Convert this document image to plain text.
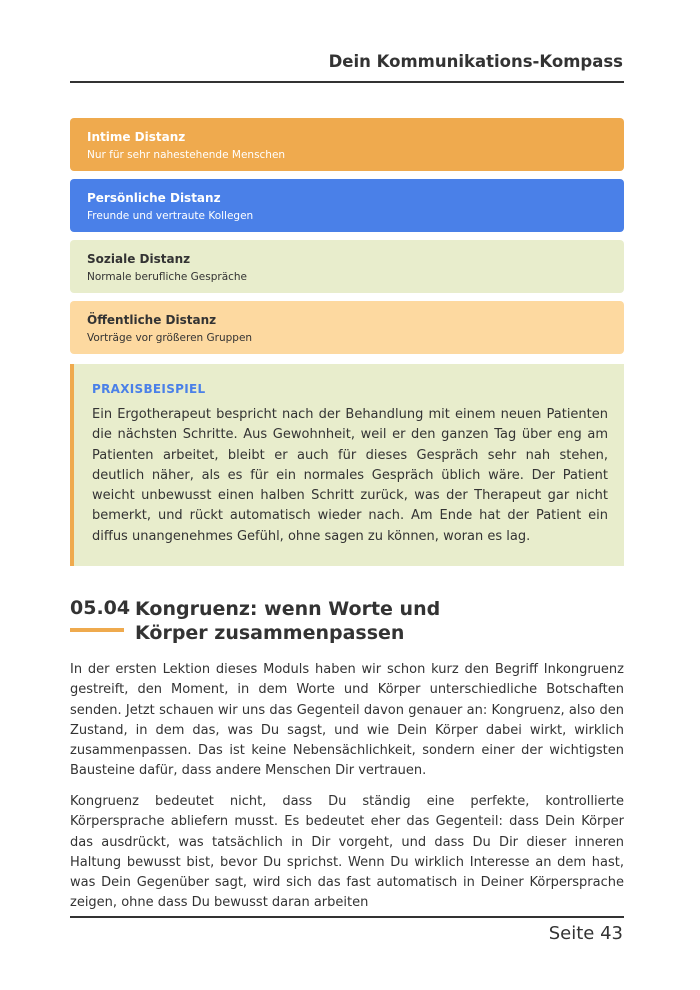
Dein Kommunikations-Kompass
Intime Distanz
Nur für sehr nahestehende Menschen
Persönliche Distanz
Freunde und vertraute Kollegen
Soziale Distanz
Normale berufliche Gespräche
Öffentliche Distanz
Vorträge vor größeren Gruppen
PRAXISBEISPIEL
Ein Ergotherapeut bespricht nach der Behandlung mit einem neuen Patienten die nächsten Schritte. Aus Gewohnheit, weil er den ganzen Tag über eng am Patienten arbeitet, bleibt er auch für dieses Gespräch sehr nah stehen, deutlich näher, als es für ein normales Gespräch üblich wäre. Der Patient weicht unbewusst einen halben Schritt zurück, was der Therapeut gar nicht bemerkt, und rückt automatisch wieder nach. Am Ende hat der Patient ein diffus unangenehmes Gefühl, ohne sagen zu können, woran es lag.
05.04 Kongruenz: wenn Worte und Körper zusammenpassen
In der ersten Lektion dieses Moduls haben wir schon kurz den Begriff Inkongruenz gestreift, den Moment, in dem Worte und Körper unterschiedliche Botschaften senden. Jetzt schauen wir uns das Gegenteil davon genauer an: Kongruenz, also den Zustand, in dem das, was Du sagst, und wie Dein Körper dabei wirkt, wirklich zusammenpassen. Das ist keine Nebensächlichkeit, sondern einer der wichtigsten Bausteine dafür, dass andere Menschen Dir vertrauen.
Kongruenz bedeutet nicht, dass Du ständig eine perfekte, kontrollierte Körpersprache abliefern musst. Es bedeutet eher das Gegenteil: dass Dein Körper das ausdrückt, was tatsächlich in Dir vorgeht, und dass Du Dir dieser inneren Haltung bewusst bist, bevor Du sprichst. Wenn Du wirklich Interesse an dem hast, was Dein Gegenüber sagt, wird sich das fast automatisch in Deiner Körpersprache zeigen, ohne dass Du bewusst daran arbeiten
Seite 43
